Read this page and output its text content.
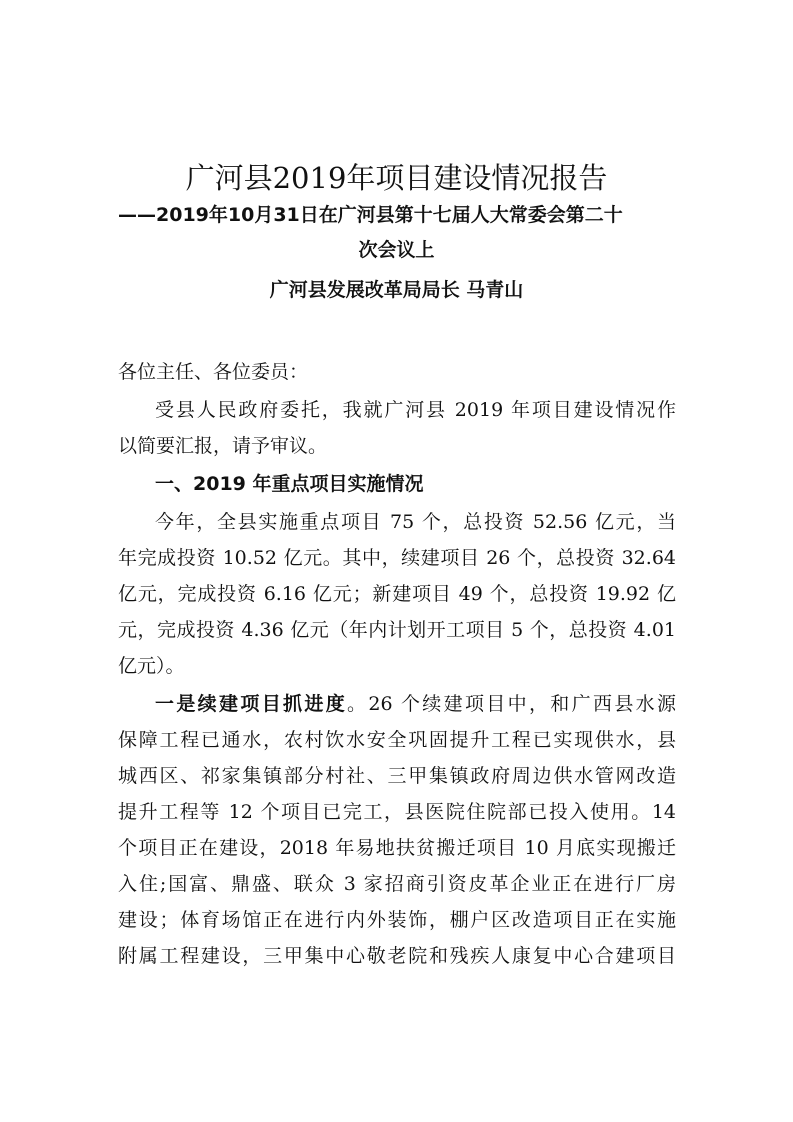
广河县2019年项目建设情况报告
——2019年10月31日在广河县第十七届人大常委会第二十
次会议上
广河县发展改革局局长 马青山
各位主任、各位委员：
受县人民政府委托，我就广河县 2019 年项目建设情况作
以简要汇报，请予审议。
一、2019 年重点项目实施情况
今年，全县实施重点项目 75 个，总投资 52.56 亿元，当
年完成投资 10.52 亿元。其中，续建项目 26 个，总投资 32.64
亿元，完成投资 6.16 亿元；新建项目 49 个，总投资 19.92 亿
元，完成投资 4.36 亿元（年内计划开工项目 5 个，总投资 4.01
亿元）。
一是续建项目抓进度。26 个续建项目中，和广西县水源
保障工程已通水，农村饮水安全巩固提升工程已实现供水，县
城西区、祁家集镇部分村社、三甲集镇政府周边供水管网改造
提升工程等 12 个项目已完工，县医院住院部已投入使用。14
个项目正在建设，2018 年易地扶贫搬迁项目 10 月底实现搬迁
入住;国富、鼎盛、联众 3 家招商引资皮革企业正在进行厂房
建设；体育场馆正在进行内外装饰，棚户区改造项目正在实施
附属工程建设，三甲集中心敬老院和残疾人康复中心合建项目
